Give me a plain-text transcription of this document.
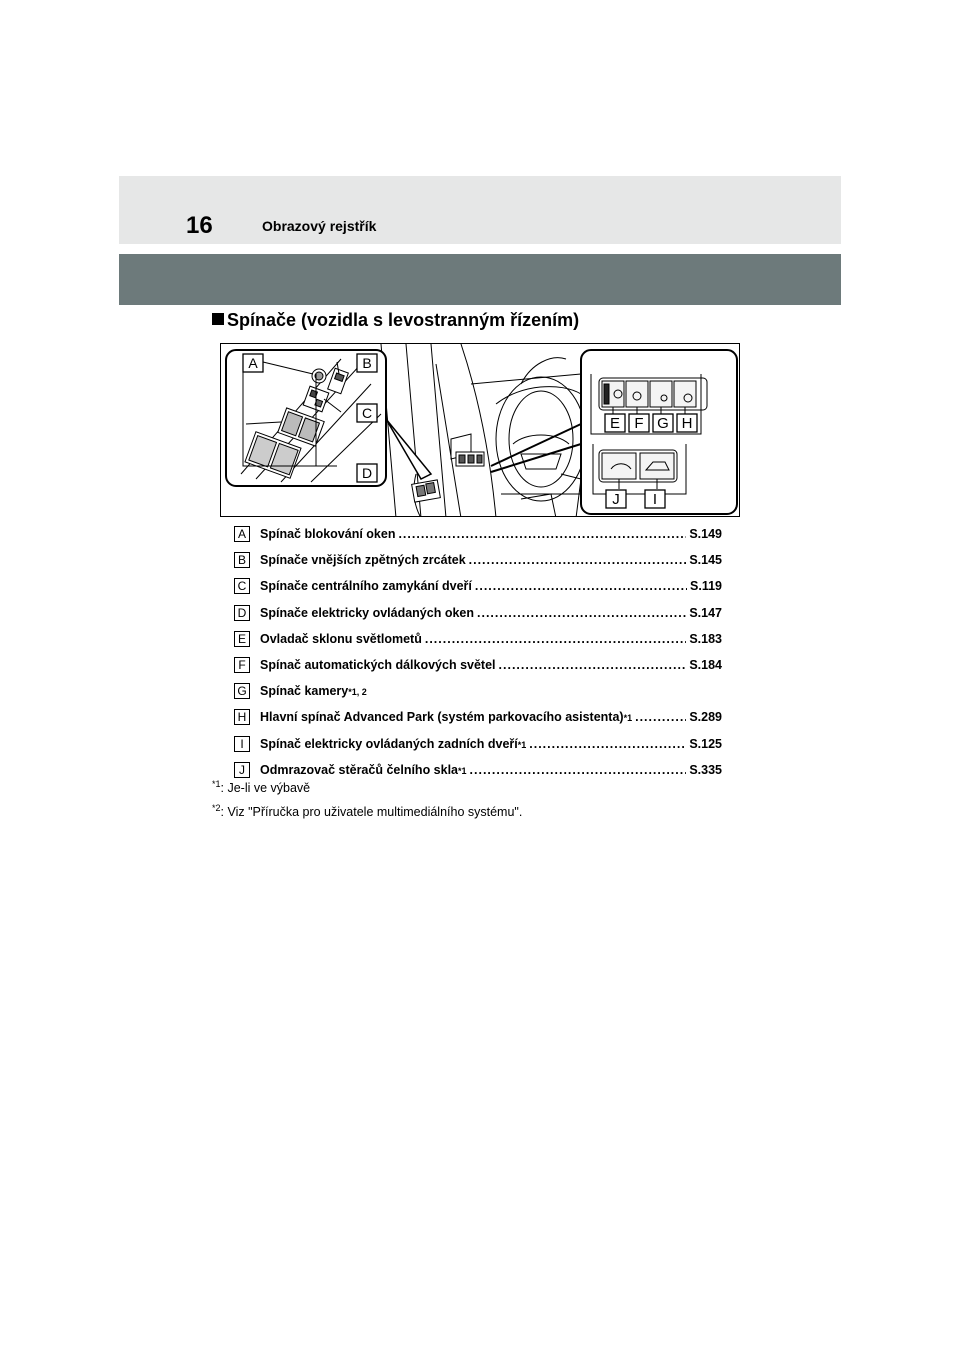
16	Obrazový rejstřík
Spínače (vozidla s levostranným řízením)
A	B
C
D
E F G H
J I
A	Spínač blokování oken .....	S.149
B	Spínače vnějších zpětných zrcátek .....	S.145
C Spínače centrálního zamykání dveří .....	S.119
D Spínače elektricky ovládaných oken .....	S.147
E	Ovladač sklonu světlometů .....	S.183
F	Spínač automatických dálkových světel .....	S.184
G Spínač kamery *1, 2
H Hlavní spínač Advanced Park (systém parkovacího asistenta) *1 .....	S.289
I	Spínač elektricky ovládaných zadních dveří *1 .....	S.125
J	Odmrazovač stěračů čelního skla *1 .....	S.335
$^{*1}$: Je-li ve výbavě
$^{*2}$: Viz "Příručka pro uživatele multimediálního systému".
